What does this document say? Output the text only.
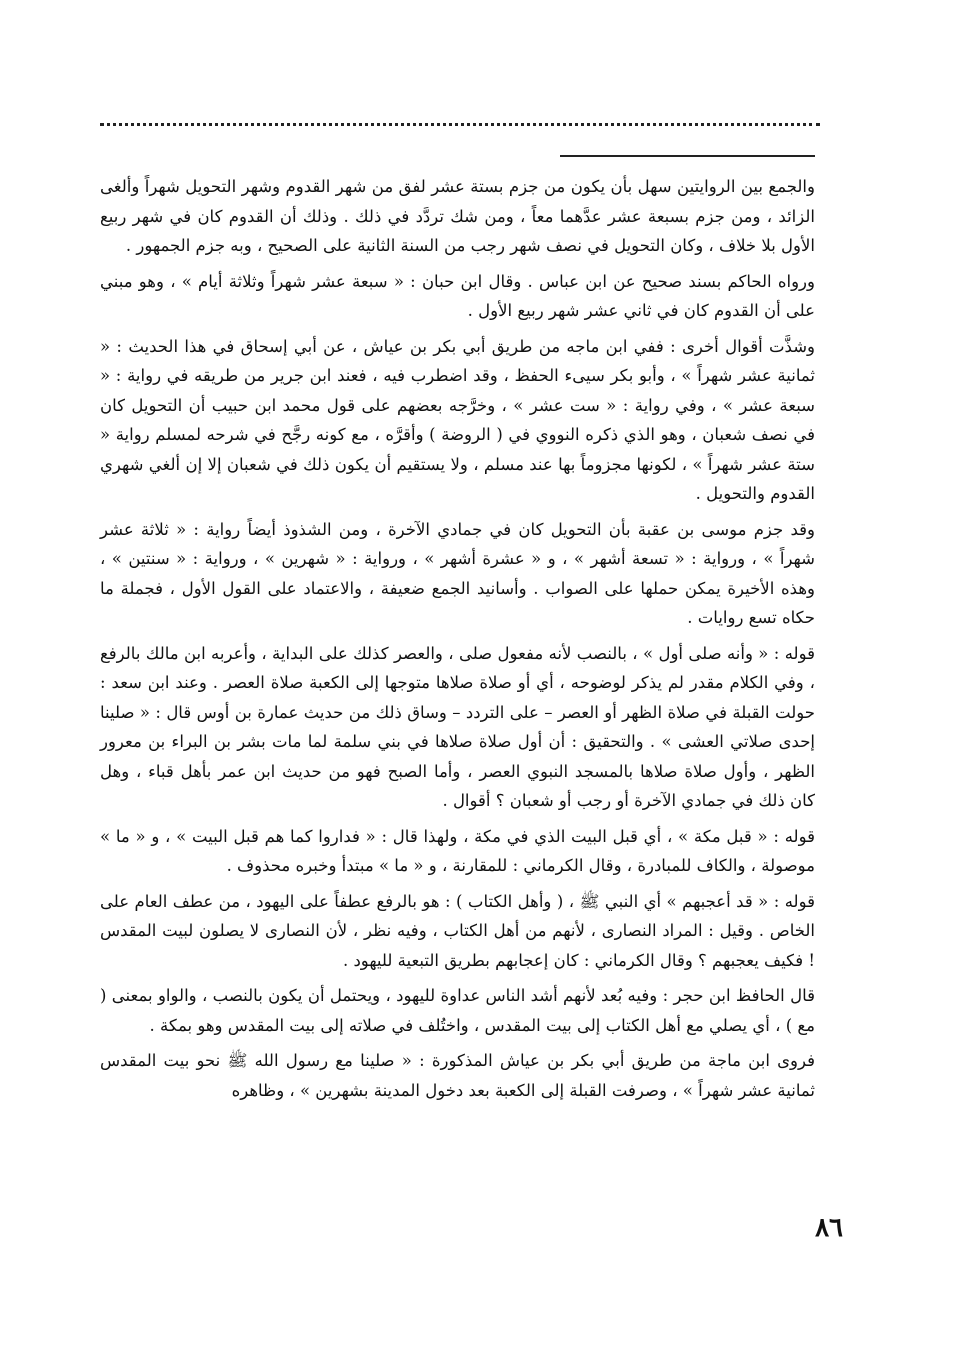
والجمع بين الروايتين سهل بأن يكون من جزم بستة عشر لفق من شهر القدوم وشهر التحويل شهراً وألغى الزائد ، ومن جزم بسبعة عشر عدَّهما معاً ، ومن شك تردَّد في ذلك . وذلك أن القدوم كان في شهر ربيع الأول بلا خلاف ، وكان التحويل في نصف شهر رجب من السنة الثانية على الصحيح ، وبه جزم الجمهور .

ورواه الحاكم بسند صحيح عن ابن عباس . وقال ابن حبان : « سبعة عشر شهراً وثلاثة أيام » ، وهو مبني على أن القدوم كان في ثاني عشر شهر ربيع الأول .

وشذَّت أقوال أخرى : ففي ابن ماجه من طريق أبي بكر بن عياش ، عن أبي إسحاق في هذا الحديث : « ثمانية عشر شهراً » ، وأبو بكر سيىء الحفظ ، وقد اضطرب فيه ، فعند ابن جرير من طريقه في رواية : « سبعة عشر » ، وفي رواية : « ست عشر » ، وخرَّجه بعضهم على قول محمد ابن حبيب أن التحويل كان في نصف شعبان ، وهو الذي ذكره النووي في ( الروضة ) وأقرَّه ، مع كونه رجَّح في شرحه لمسلم رواية « ستة عشر شهراً » ، لكونها مجزوماً بها عند مسلم ، ولا يستقيم أن يكون ذلك في شعبان إلا إن ألغي شهري القدوم والتحويل .

وقد جزم موسى بن عقبة بأن التحويل كان في جمادي الآخرة ، ومن الشذوذ أيضاً رواية : « ثلاثة عشر شهراً » ، ورواية : « تسعة أشهر » ، و « عشرة أشهر » ، ورواية : « شهرين » ، ورواية : « سنتين » ، وهذه الأخيرة يمكن حملها على الصواب . وأسانيد الجمع ضعيفة ، والاعتماد على القول الأول ، فجملة ما حكاه تسع روايات .

قوله : « وأنه صلى أول » ، بالنصب لأنه مفعول صلى ، والعصر كذلك على البداية ، وأعربه ابن مالك بالرفع ، وفي الكلام مقدر لم يذكر لوضوحه ، أي أو صلاة صلاها متوجها إلى الكعبة صلاة العصر . وعند ابن سعد : حولت القبلة في صلاة الظهر أو العصر – على التردد – وساق ذلك من حديث عمارة بن أوس قال : « صلينا إحدى صلاتي العشى » . والتحقيق : أن أول صلاة صلاها في بني سلمة لما مات بشر بن البراء بن معرور الظهر ، وأول صلاة صلاها بالمسجد النبوي العصر ، وأما الصبح فهو من حديث ابن عمر بأهل قباء ، وهل كان ذلك في جمادي الآخرة أو رجب أو شعبان ؟ أقوال .

قوله : « قبل مكة » ، أي قبل البيت الذي في مكة ، ولهذا قال : « فداروا كما هم قبل البيت » ، و « ما » موصولة ، والكاف للمبادرة ، وقال الكرماني : للمقارنة ، و « ما » مبتدأ وخبره محذوف .

قوله : « قد أعجبهم » أي النبي ﷺ ، ( وأهل الكتاب ) : هو بالرفع عطفاً على اليهود ، من عطف العام على الخاص . وقيل : المراد النصارى ، لأنهم من أهل الكتاب ، وفيه نظر ، لأن النصارى لا يصلون لبيت المقدس ! فكيف يعجبهم ؟ وقال الكرماني : كان إعجابهم بطريق التبعية لليهود .

قال الحافظ ابن حجر : وفيه بُعد لأنهم أشد الناس عداوة لليهود ، ويحتمل أن يكون بالنصب ، والواو بمعنى ( مع ) ، أي يصلي مع أهل الكتاب إلى بيت المقدس ، واختُلف في صلاته إلى بيت المقدس وهو بمكة .

فروى ابن ماجة من طريق أبي بكر بن عياش المذكورة : « صلينا مع رسول الله ﷺ نحو بيت المقدس ثمانية عشر شهراً » ، وصرفت القبلة إلى الكعبة بعد دخول المدينة بشهرين » ، وظاهره

٨٦
